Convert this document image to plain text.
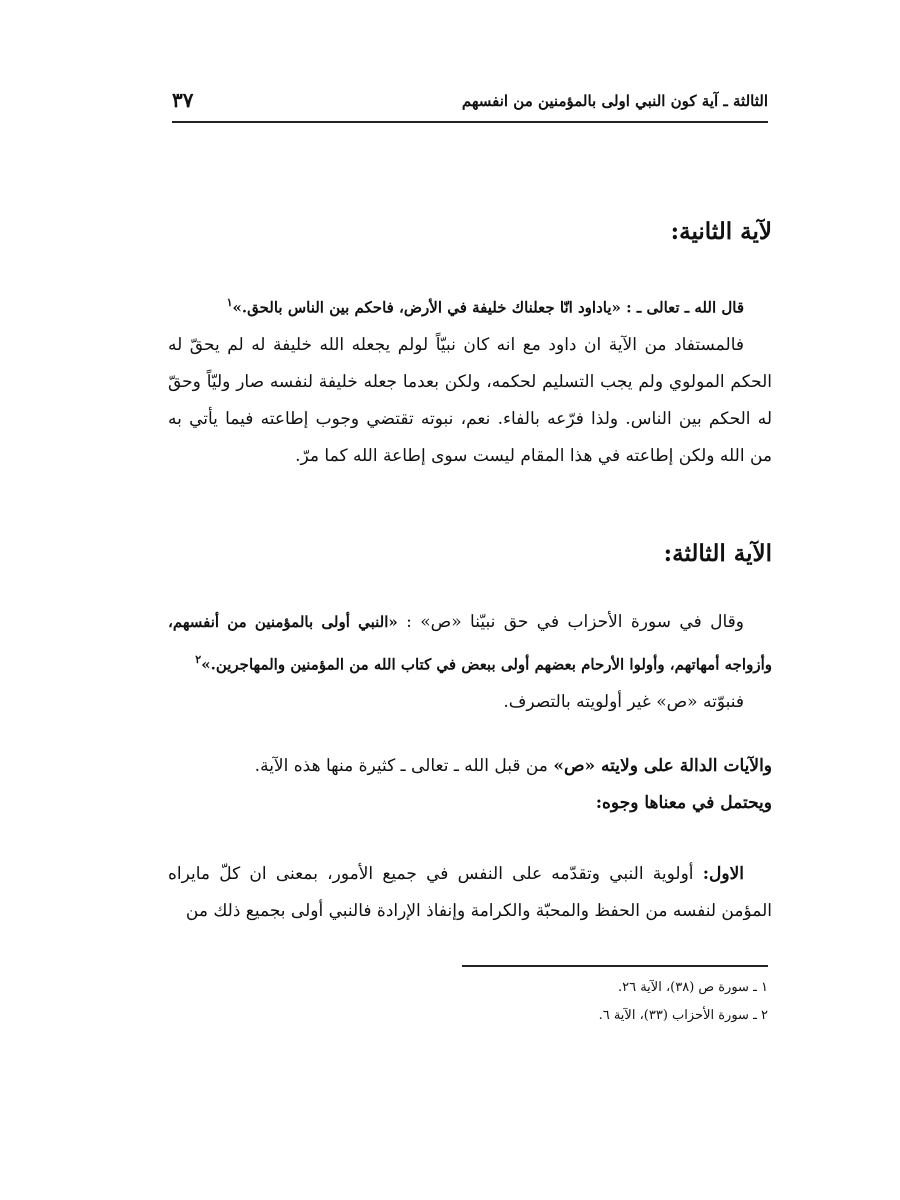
الثالثة ـ آية كون النبي اولى بالمؤمنين من انفسهم
٣٧
لآية الثانية:

قال الله ـ تعالى ـ : «ياداود انّا جعلناك خليفة في الأرض، فاحكم بين الناس بالحق.»$^١$

فالمستفاد من الآية ان داود مع انه كان نبيّاً لولم يجعله الله خليفة له لم يحقّ له الحكم المولوي ولم يجب التسليم لحكمه، ولكن بعدما جعله خليفة لنفسه صار وليّاً وحقّ له الحكم بين الناس. ولذا فرّعه بالفاء. نعم، نبوته تقتضي وجوب إطاعته فيما يأتي به من الله ولكن إطاعته في هذا المقام ليست سوى إطاعة الله كما مرّ.

الآية الثالثة:

وقال في سورة الأحزاب في حق نبيّنا «ص» : «النبي أولى بالمؤمنين من أنفسهم، وأزواجه أمهاتهم، وأولوا الأرحام بعضهم أولى ببعض في كتاب الله من المؤمنين والمهاجرين.»$^٢$

فنبوّته «ص» غير أولويته بالتصرف.

والآيات الدالة على ولايته «ص» من قبل الله ـ تعالى ـ كثيرة منها هذه الآية.

ويحتمل في معناها وجوه:

الاول: أولوية النبي وتقدّمه على النفس في جميع الأمور، بمعنى ان كلّ مايراه المؤمن لنفسه من الحفظ والمحبّة والكرامة وإنفاذ الإرادة فالنبي أولى بجميع ذلك من

١ ـ سورة ص (٣٨)، الآية ٢٦.
٢ ـ سورة الأحزاب (٣٣)، الآية ٦.
